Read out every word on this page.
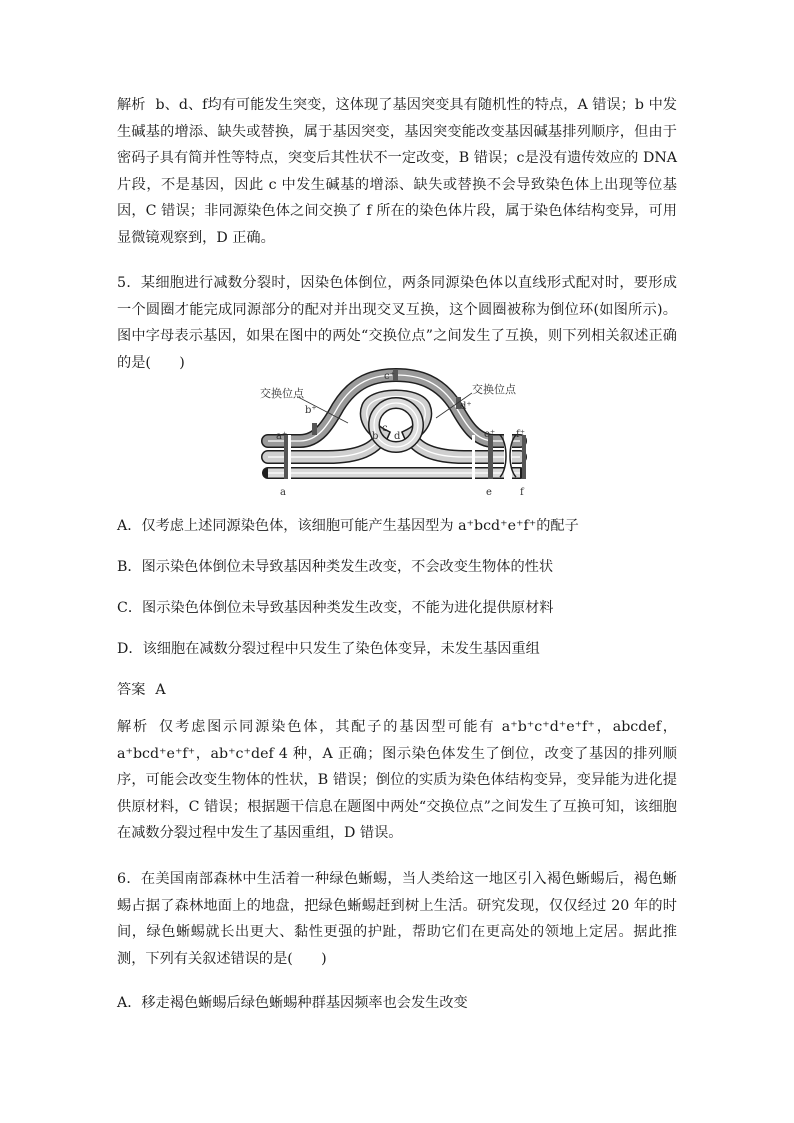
解析 b、d、f均有可能发生突变，这体现了基因突变具有随机性的特点，A 错误；b 中发生碱基的增添、缺失或替换，属于基因突变，基因突变能改变基因碱基排列顺序，但由于密码子具有简并性等特点，突变后其性状不一定改变，B 错误；c是没有遗传效应的 DNA 片段，不是基因，因此 c 中发生碱基的增添、缺失或替换不会导致染色体上出现等位基因，C 错误；非同源染色体之间交换了 f 所在的染色体片段，属于染色体结构变异，可用显微镜观察到，D 正确。

5．某细胞进行减数分裂时，因染色体倒位，两条同源染色体以直线形式配对时，要形成一个圆圈才能完成同源部分的配对并出现交叉互换，这个圆圈被称为倒位环(如图所示)。图中字母表示基因，如果在图中的两处“交换位点”之间发生了互换，则下列相关叙述正确的是(　　)

交换位点	交换位点
a⁺
b⁺
c⁺
d⁺
e⁺ f⁺
b
c
d
a	e	f

A．仅考虑上述同源染色体，该细胞可能产生基因型为 a⁺bcd⁺e⁺f⁺的配子

B．图示染色体倒位未导致基因种类发生改变，不会改变生物体的性状

C．图示染色体倒位未导致基因种类发生改变，不能为进化提供原材料

D．该细胞在减数分裂过程中只发生了染色体变异，未发生基因重组

答案 A

解析 仅考虑图示同源染色体，其配子的基因型可能有 a⁺b⁺c⁺d⁺e⁺f⁺，abcdef，a⁺bcd⁺e⁺f⁺，ab⁺c⁺def 4 种，A 正确；图示染色体发生了倒位，改变了基因的排列顺序，可能会改变生物体的性状，B 错误；倒位的实质为染色体结构变异，变异能为进化提供原材料，C 错误；根据题干信息在题图中两处“交换位点”之间发生了互换可知，该细胞在减数分裂过程中发生了基因重组，D 错误。

6．在美国南部森林中生活着一种绿色蜥蜴，当人类给这一地区引入褐色蜥蜴后，褐色蜥蜴占据了森林地面上的地盘，把绿色蜥蜴赶到树上生活。研究发现，仅仅经过 20 年的时间，绿色蜥蜴就长出更大、黏性更强的护趾，帮助它们在更高处的领地上定居。据此推测，下列有关叙述错误的是(　　)

A．移走褐色蜥蜴后绿色蜥蜴种群基因频率也会发生改变
